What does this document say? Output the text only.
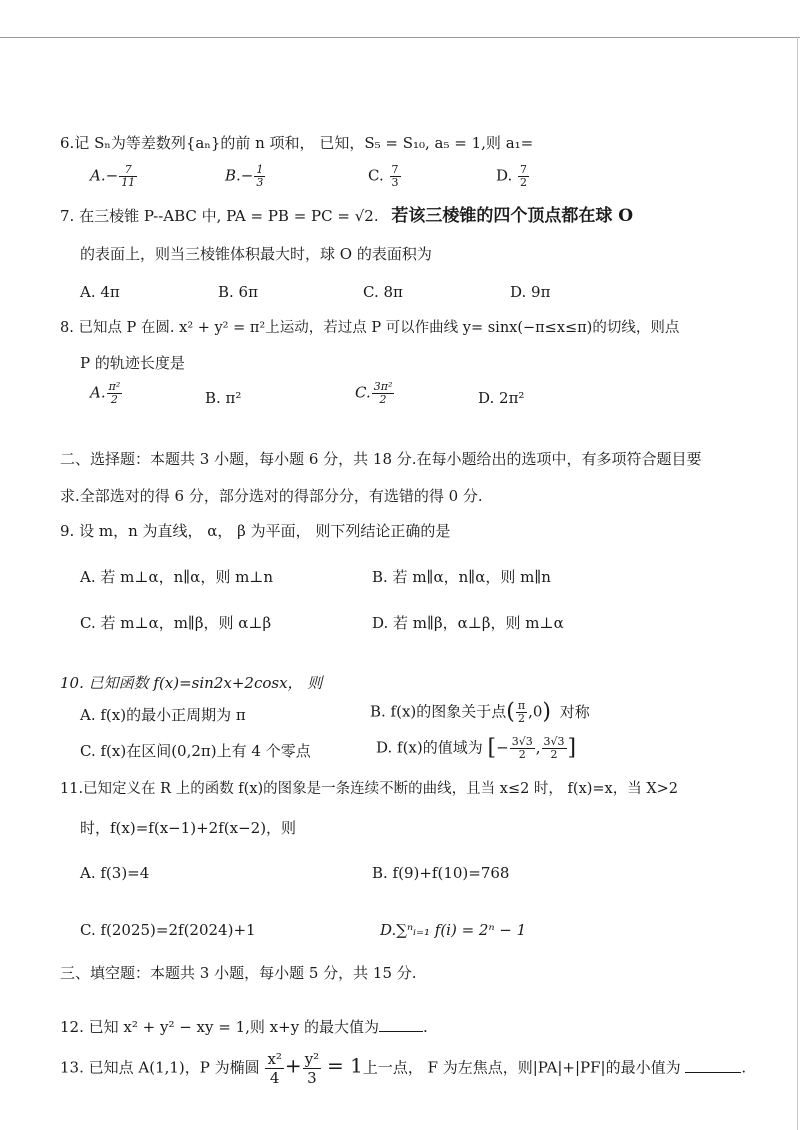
6.记 Sₙ为等差数列{aₙ}的前 n 项和， 已知，S₅ = S₁₀, a₅ = 1,则 a₁=
$A.- \frac{7}{11}$	$B.- \frac{1}{3}$	C. $\frac{7}{3}$	D. $\frac{7}{2}$
7. 在三棱锥 P--ABC 中, PA = PB = PC = √2. 若该三棱锥的四个顶点都在球 O
的表面上，则当三棱锥体积最大时，球 O 的表面积为
A. 4π	B. 6π	C. 8π	D. 9π
8. 已知点 P 在圆. x² + y² = π²上运动，若过点 P 可以作曲线 y= sinx(−π≤x≤π)的切线，则点
P 的轨迹长度是
A. $\frac{\text{π²}}{2}$	B. π²	C. $\frac{\text{3π²}}{2}$	D. 2π²
二、选择题：本题共 3 小题，每小题 6 分，共 18 分.在每小题给出的选项中，有多项符合题目要
求.全部选对的得 6 分，部分选对的得部分分，有选错的得 0 分.
9. 设 m，n 为直线， α， β 为平面， 则下列结论正确的是
A. 若 m⊥α，n∥α，则 m⊥n	B. 若 m∥α，n∥α，则 m∥n
C. 若 m⊥α，m∥β，则 α⊥β	D. 若 m∥β，α⊥β，则 m⊥α
10. 已知函数 f(x)=sin2x+2cosx， 则
A. f(x)的最小正周期为 π	B. f(x)的图象关于点( $\frac{\pi}{2} ,0$) 对称
C. f(x)在区间(0,2π)上有 4 个零点	D. f(x)的值域为 [− $\frac{3√3}{2}$ , $\frac{3√3}{2}$ ]
11.已知定义在 R 上的函数 f(x)的图象是一条连续不断的曲线，且当 x≤2 时， f(x)=x，当 X>2
时，f(x)=f(x−1)+2f(x−2)，则
A. f(3)=4	B. f(9)+f(10)=768
C. f(2025)=2f(2024)+1	D.∑ⁿᵢ₌₁ f(i) = 2ⁿ − 1
三、填空题：本题共 3 小题，每小题 5 分，共 15 分.
12. 已知 x² + y² − xy = 1,则 x+y 的最大值为	.
13. 已知点 A(1,1)，P 为椭圆 $\frac{\text{x²}}{4} + \frac{\text{y²}}{3} = 1$上一点， F 为左焦点，则|PA|+|PF|的最小值为	.
